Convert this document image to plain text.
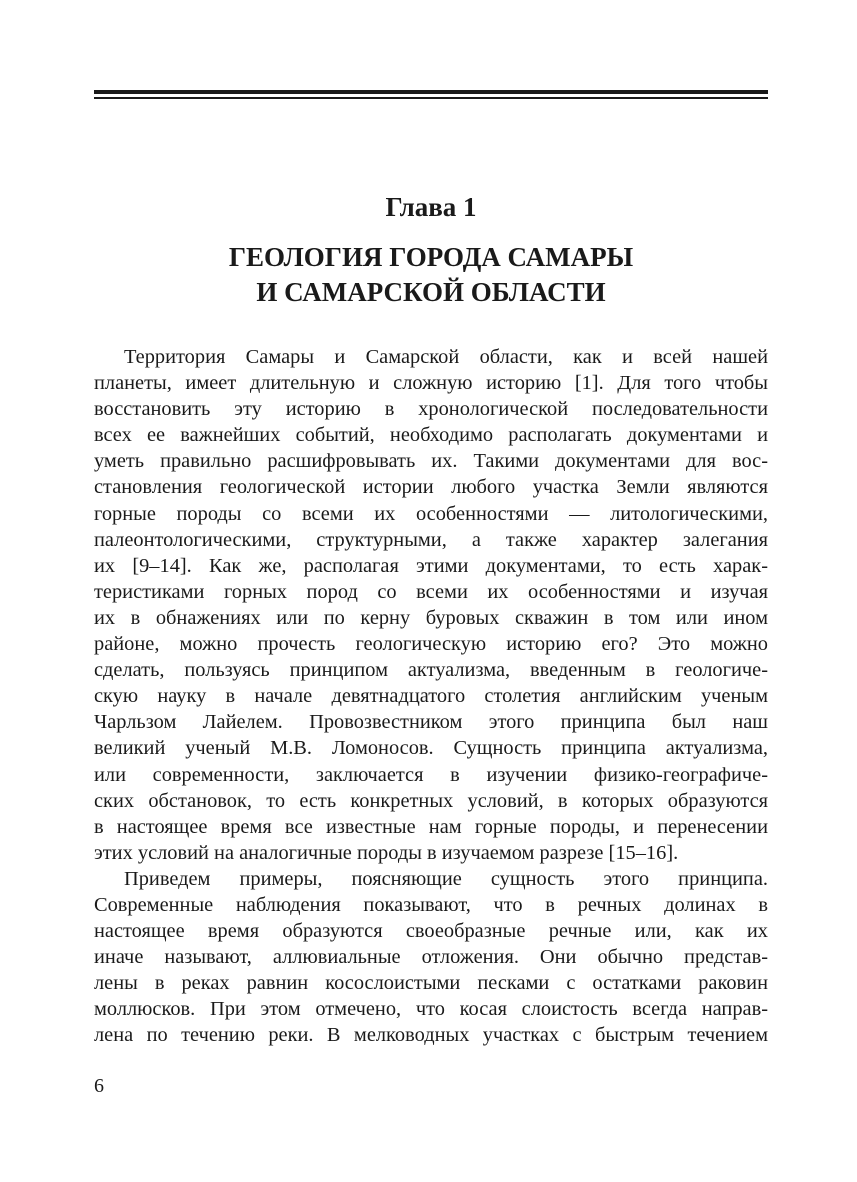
Глава 1
ГЕОЛОГИЯ ГОРОДА САМАРЫ
И САМАРСКОЙ ОБЛАСТИ
Территория Самары и Самарской области, как и всей нашей
планеты, имеет длительную и сложную историю [1]. Для того чтобы
восстановить эту историю в хронологической последовательности
всех ее важнейших событий, необходимо располагать документами и
уметь правильно расшифровывать их. Такими документами для вос-
становления геологической истории любого участка Земли являются
горные породы со всеми их особенностями — литологическими,
палеонтологическими, структурными, а также характер залегания
их [9–14]. Как же, располагая этими документами, то есть харак-
теристиками горных пород со всеми их особенностями и изучая
их в обнажениях или по керну буровых скважин в том или ином
районе, можно прочесть геологическую историю его? Это можно
сделать, пользуясь принципом актуализма, введенным в геологиче-
скую науку в начале девятнадцатого столетия английским ученым
Чарльзом Лайелем. Провозвестником этого принципа был наш
великий ученый М.В. Ломоносов. Сущность принципа актуализма,
или современности, заключается в изучении физико-географиче-
ских обстановок, то есть конкретных условий, в которых образуются
в настоящее время все известные нам горные породы, и перенесении
этих условий на аналогичные породы в изучаемом разрезе [15–16].
Приведем примеры, поясняющие сущность этого принципа.
Современные наблюдения показывают, что в речных долинах в
настоящее время образуются своеобразные речные или, как их
иначе называют, аллювиальные отложения. Они обычно представ-
лены в реках равнин косослоистыми песками с остатками раковин
моллюсков. При этом отмечено, что косая слоистость всегда направ-
лена по течению реки. В мелководных участках с быстрым течением
6
